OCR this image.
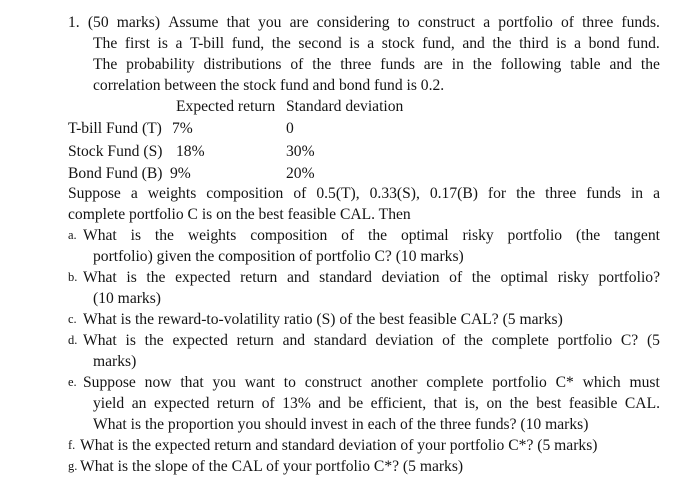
1. (50 marks) Assume that you are considering to construct a portfolio of three funds.
The first is a T-bill fund, the second is a stock fund, and the third is a bond fund.
The probability distributions of the three funds are in the following table and the
correlation between the stock fund and bond fund is 0.2.
Expected return Standard deviation
T-bill Fund (T) 7%	0
Stock Fund (S) 18%	30%
Bond Fund (B) 9%	20%
Suppose a weights composition of 0.5(T), 0.33(S), 0.17(B) for the three funds in a
complete portfolio C is on the best feasible CAL. Then
a. What is the weights composition of the optimal risky portfolio (the tangent
portfolio) given the composition of portfolio C? (10 marks)
b. What is the expected return and standard deviation of the optimal risky portfolio?
(10 marks)
c. What is the reward-to-volatility ratio (S) of the best feasible CAL? (5 marks)
d. What is the expected return and standard deviation of the complete portfolio C? (5
marks)
e. Suppose now that you want to construct another complete portfolio C* which must
yield an expected return of 13% and be efficient, that is, on the best feasible CAL.
What is the proportion you should invest in each of the three funds? (10 marks)
f. What is the expected return and standard deviation of your portfolio C*? (5 marks)
g. What is the slope of the CAL of your portfolio C*? (5 marks)
